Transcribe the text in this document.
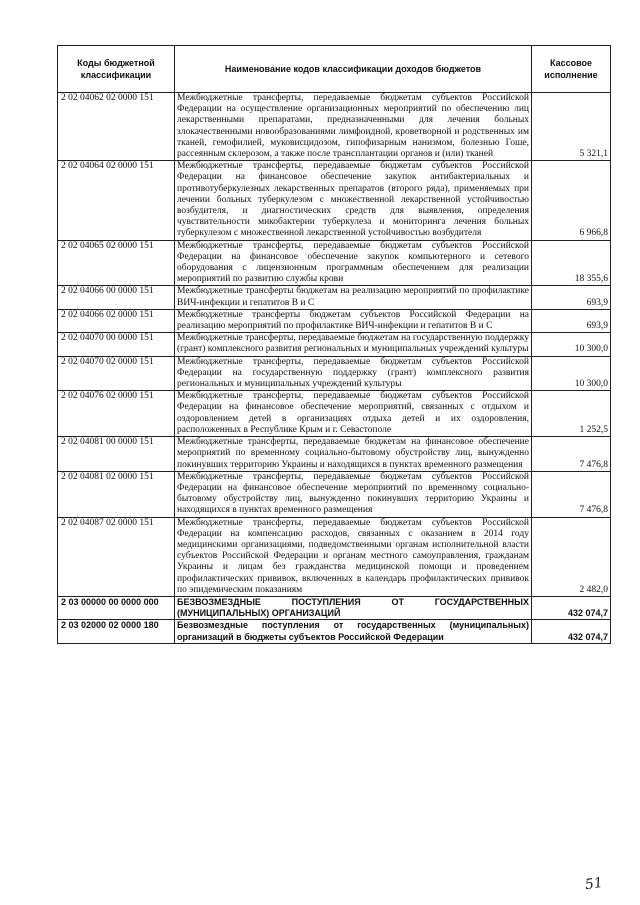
Коды бюджетной классификации	Наименование кодов классификации доходов бюджетов	Кассовое исполнение
2 02 04062 02 0000 151	Межбюджетные трансферты, передаваемые бюджетам субъектов Российской Федерации на осуществление организационных мероприятий по обеспечению лиц лекарственными препаратами, предназначенными для лечения больных злокачественными новообразованиями лимфоидной, кроветворной и родственных им тканей, гемофилией, муковисцидозом, гипофизарным нанизмом, болезнью Гоше, рассеянным склерозом, а также после трансплантации органов и (или) тканей	5 321,1
2 02 04064 02 0000 151	Межбюджетные трансферты, передаваемые бюджетам субъектов Российской Федерации на финансовое обеспечение закупок антибактериальных и противотуберкулезных лекарственных препаратов (второго ряда), применяемых при лечении больных туберкулезом с множественной лекарственной устойчивостью возбудителя, и диагностических средств для выявления, определения чувствительности микобактерии туберкулеза и мониторинга лечения больных туберкулезом с множественной лекарственной устойчивостью возбудителя	6 966,8
2 02 04065 02 0000 151	Межбюджетные трансферты, передаваемые бюджетам субъектов Российской Федерации на финансовое обеспечение закупок компьютерного и сетевого оборудования с лицензионным программным обеспечением для реализации мероприятий по развитию службы крови	18 355,6
2 02 04066 00 0000 151	Межбюджетные трансферты бюджетам на реализацию мероприятий по профилактике ВИЧ-инфекции и гепатитов В и С	693,9
2 02 04066 02 0000 151	Межбюджетные трансферты бюджетам субъектов Российской Федерации на реализацию мероприятий по профилактике ВИЧ-инфекции и гепатитов В и С	693,9
2 02 04070 00 0000 151	Межбюджетные трансферты, передаваемые бюджетам на государственную поддержку (грант) комплексного развития региональных и муниципальных учреждений культуры	10 300,0
2 02 04070 02 0000 151	Межбюджетные трансферты, передаваемые бюджетам субъектов Российской Федерации на государственную поддержку (грант) комплексного развития региональных и муниципальных учреждений культуры	10 300,0
2 02 04076 02 0000 151	Межбюджетные трансферты, передаваемые бюджетам субъектов Российской Федерации на финансовое обеспечение мероприятий, связанных с отдыхом и оздоровлением детей в организациях отдыха детей и их оздоровления, расположенных в Республике Крым и г. Севастополе	1 252,5
2 02 04081 00 0000 151	Межбюджетные трансферты, передаваемые бюджетам на финансовое обеспечение мероприятий по временному социально-бытовому обустройству лиц, вынужденно покинувших территорию Украины и находящихся в пунктах временного размещения	7 476,8
2 02 04081 02 0000 151	Межбюджетные трансферты, передаваемые бюджетам субъектов Российской Федерации на финансовое обеспечение мероприятий по временному социально-бытовому обустройству лиц, вынужденно покинувших территорию Украины и находящихся в пунктах временного размещения	7 476,8
2 02 04087 02 0000 151	Межбюджетные трансферты, передаваемые бюджетам субъектов Российской Федерации на компенсацию расходов, связанных с оказанием в 2014 году медицинскими организациями, подведомственными органам исполнительной власти субъектов Российской Федерации и органам местного самоуправления, гражданам Украины и лицам без гражданства медицинской помощи и проведением профилактических прививок, включенных в календарь профилактических прививок по эпидемическим показаниям	2 482,0
2 03 00000 00 0000 000	БЕЗВОЗМЕЗДНЫЕ ПОСТУПЛЕНИЯ ОТ ГОСУДАРСТВЕННЫХ (МУНИЦИПАЛЬНЫХ) ОРГАНИЗАЦИЙ	432 074,7
2 03 02000 02 0000 180	Безвозмездные поступления от государственных (муниципальных) организаций в бюджеты субъектов Российской Федерации	432 074,7
51
